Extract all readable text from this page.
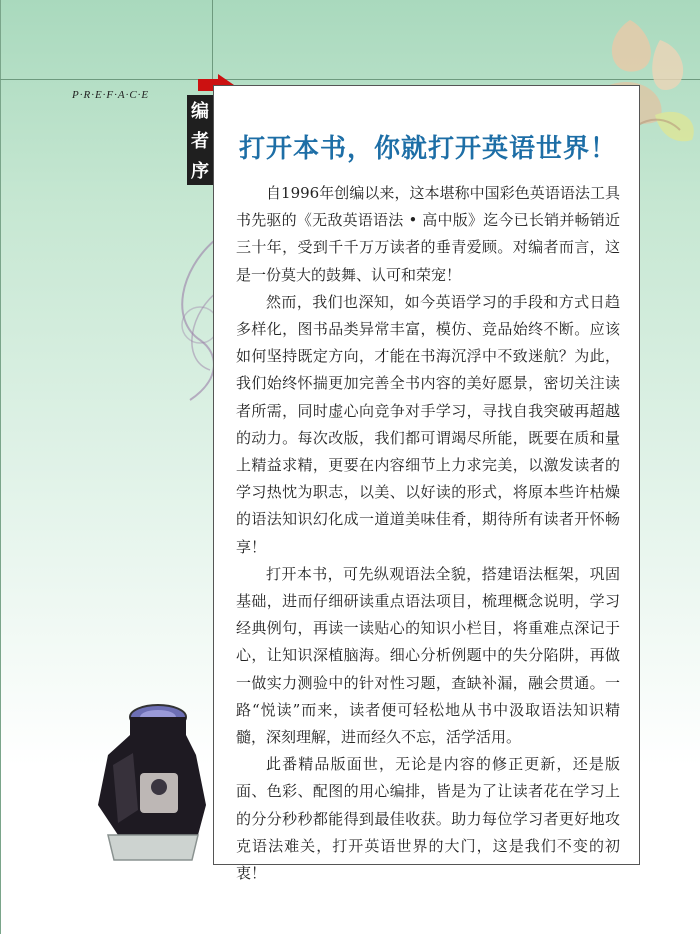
P·R·E·F·A·C·E
编
者
序
打开本书，你就打开英语世界！

自1996年创编以来，这本堪称中国彩色英语语法工具书先驱的《无敌英语语法 • 高中版》迄今已长销并畅销近三十年，受到千千万万读者的垂青爱顾。对编者而言，这是一份莫大的鼓舞、认可和荣宠！

然而，我们也深知，如今英语学习的手段和方式日趋多样化，图书品类异常丰富，模仿、竞品始终不断。应该如何坚持既定方向，才能在书海沉浮中不致迷航？为此，我们始终怀揣更加完善全书内容的美好愿景，密切关注读者所需，同时虚心向竞争对手学习，寻找自我突破再超越的动力。每次改版，我们都可谓竭尽所能，既要在质和量上精益求精，更要在内容细节上力求完美，以激发读者的学习热忱为职志，以美、以好读的形式，将原本些许枯燥的语法知识幻化成一道道美味佳肴，期待所有读者开怀畅享！

打开本书，可先纵观语法全貌，搭建语法框架，巩固基础，进而仔细研读重点语法项目，梳理概念说明，学习经典例句，再读一读贴心的知识小栏目，将重难点深记于心，让知识深植脑海。细心分析例题中的失分陷阱，再做一做实力测验中的针对性习题，查缺补漏，融会贯通。一路“悦读”而来，读者便可轻松地从书中汲取语法知识精髓，深刻理解，进而经久不忘，活学活用。

此番精品版面世，无论是内容的修正更新，还是版面、色彩、配图的用心编排，皆是为了让读者花在学习上的分分秒秒都能得到最佳收获。助力每位学习者更好地攻克语法难关，打开英语世界的大门，这是我们不变的初衷！
